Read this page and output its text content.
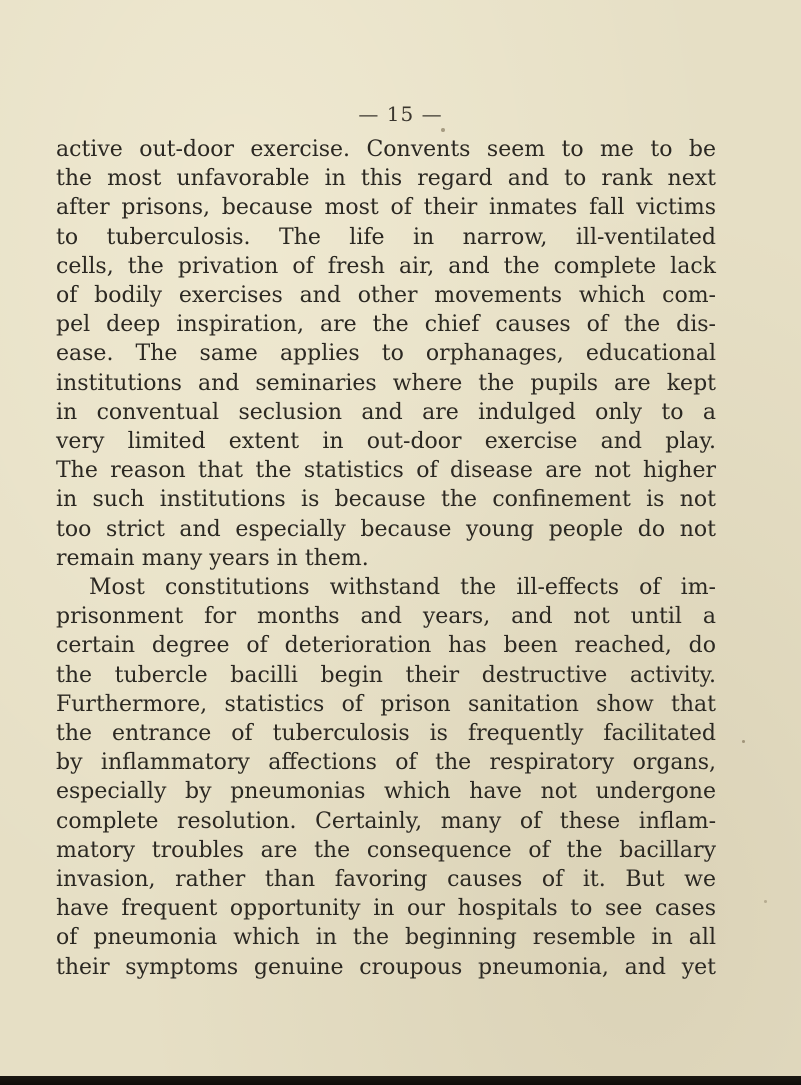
— 15 —
active out-door exercise. Convents seem to me to be
the most unfavorable in this regard and to rank next
after prisons, because most of their inmates fall victims
to tuberculosis. The life in narrow, ill-ventilated
cells, the privation of fresh air, and the complete lack
of bodily exercises and other movements which com-
pel deep inspiration, are the chief causes of the dis-
ease. The same applies to orphanages, educational
institutions and seminaries where the pupils are kept
in conventual seclusion and are indulged only to a
very limited extent in out-door exercise and play.
The reason that the statistics of disease are not higher
in such institutions is because the confinement is not
too strict and especially because young people do not
remain many years in them.
Most constitutions withstand the ill-effects of im-
prisonment for months and years, and not until a
certain degree of deterioration has been reached, do
the tubercle bacilli begin their destructive activity.
Furthermore, statistics of prison sanitation show that
the entrance of tuberculosis is frequently facilitated
by inflammatory affections of the respiratory organs,
especially by pneumonias which have not undergone
complete resolution. Certainly, many of these inflam-
matory troubles are the consequence of the bacillary
invasion, rather than favoring causes of it. But we
have frequent opportunity in our hospitals to see cases
of pneumonia which in the beginning resemble in all
their symptoms genuine croupous pneumonia, and yet
